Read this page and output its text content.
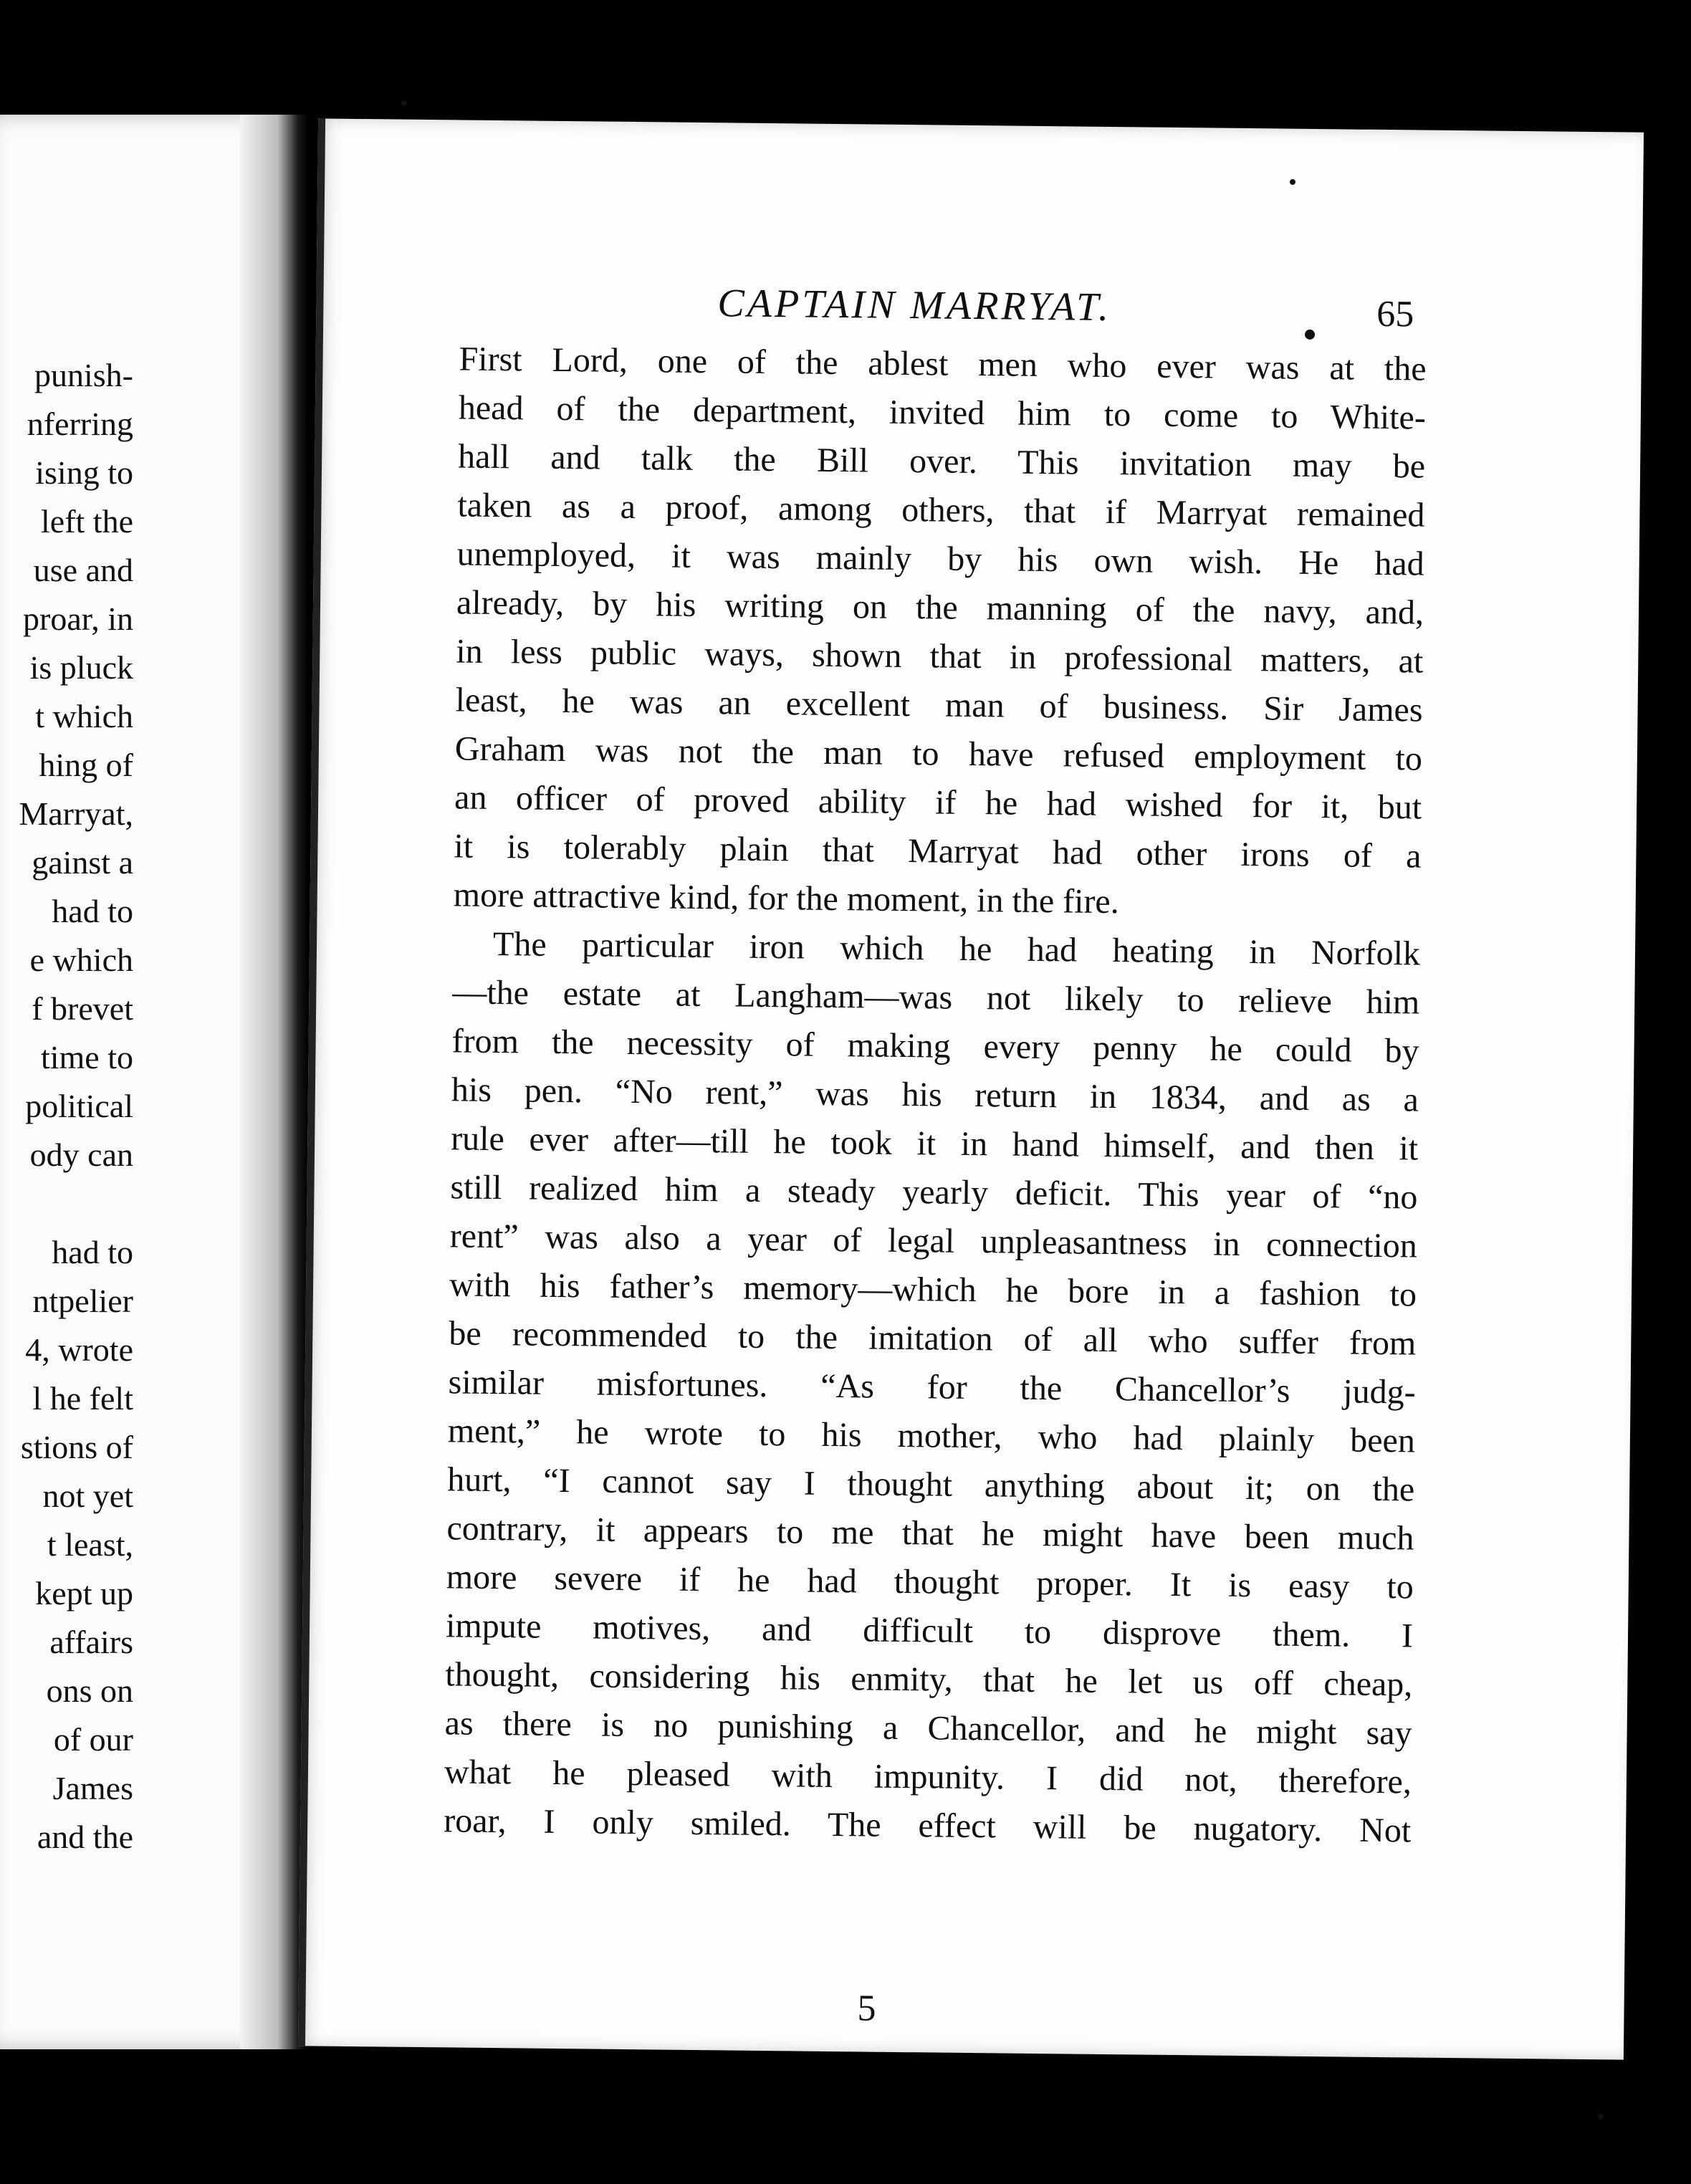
punish-
nferring
ising to
left the
use and
proar, in
is pluck
t which
hing of
Marryat,
gainst a
had to
e which
f brevet
time to
political
ody can
had to
ntpelier
4, wrote
l he felt
stions of
not yet
t least,
kept up
affairs
ons on
of our
James
and the
CAPTAIN MARRYAT.	65
First Lord, one of the ablest men who ever was at the
head of the department, invited him to come to White-
hall and talk the Bill over. This invitation may be
taken as a proof, among others, that if Marryat remained
unemployed, it was mainly by his own wish. He had
already, by his writing on the manning of the navy, and,
in less public ways, shown that in professional matters, at
least, he was an excellent man of business. Sir James
Graham was not the man to have refused employment to
an officer of proved ability if he had wished for it, but
it is tolerably plain that Marryat had other irons of a
more attractive kind, for the moment, in the fire.
The particular iron which he had heating in Norfolk
—the estate at Langham—was not likely to relieve him
from the necessity of making every penny he could by
his pen. “No rent,” was his return in 1834, and as a
rule ever after—till he took it in hand himself, and then it
still realized him a steady yearly deficit. This year of “no
rent” was also a year of legal unpleasantness in connection
with his father’s memory—which he bore in a fashion to
be recommended to the imitation of all who suffer from
similar misfortunes. “As for the Chancellor’s judg-
ment,” he wrote to his mother, who had plainly been
hurt, “I cannot say I thought anything about it; on the
contrary, it appears to me that he might have been much
more severe if he had thought proper. It is easy to
impute motives, and difficult to disprove them. I
thought, considering his enmity, that he let us off cheap,
as there is no punishing a Chancellor, and he might say
what he pleased with impunity. I did not, therefore,
roar, I only smiled. The effect will be nugatory. Not
5
